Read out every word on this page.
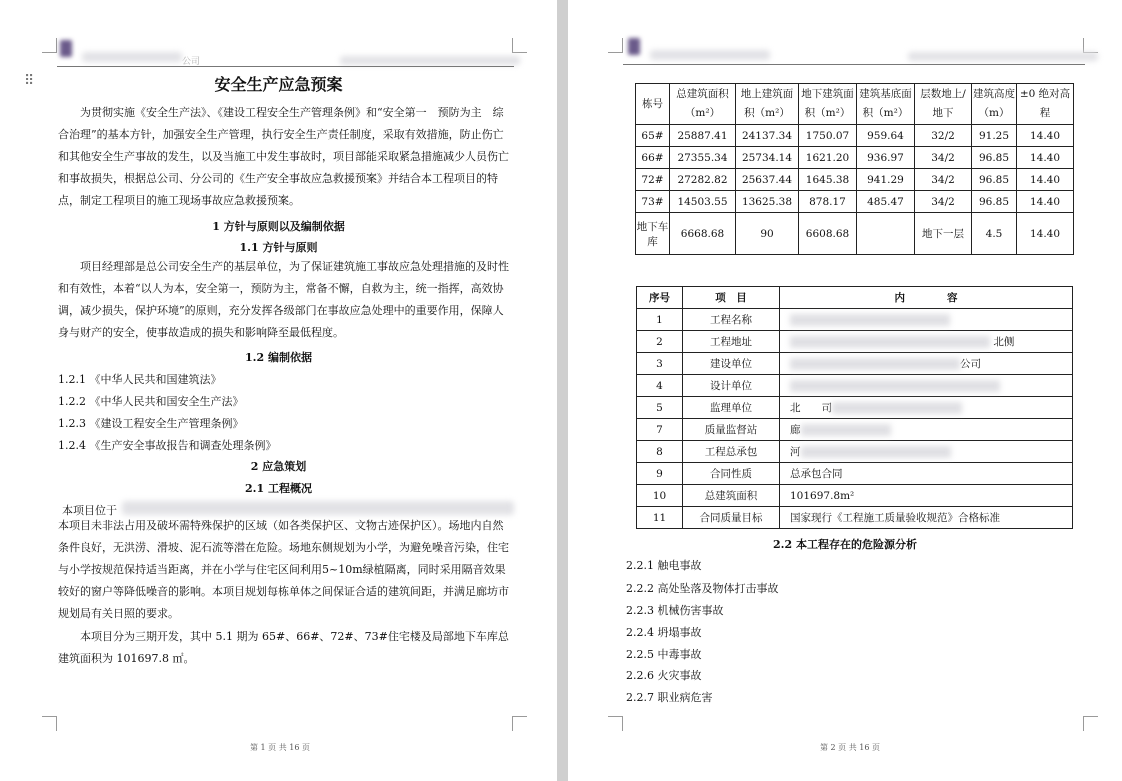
公司
⠿	安全生产应急预案
为贯彻实施《安全生产法》、《建设工程安全生产管理条例》和“安全第一　预防为主　综合治理”的基本方针，加强安全生产管理，执行安全生产责任制度，采取有效措施，防止伤亡和其他安全生产事故的发生，以及当施工中发生事故时，项目部能采取紧急措施减少人员伤亡和事故损失，根据总公司、分公司的《生产安全事故应急救援预案》并结合本工程项目的特点，制定工程项目的施工现场事故应急救援预案。
1 方针与原则以及编制依据
1.1 方针与原则
项目经理部是总公司安全生产的基层单位，为了保证建筑施工事故应急处理措施的及时性和有效性，本着“以人为本，安全第一，预防为主，常备不懈，自救为主，统一指挥，高效协调，减少损失，保护环境”的原则，充分发挥各级部门在事故应急处理中的重要作用，保障人身与财产的安全，使事故造成的损失和影响降至最低程度。
1.2 编制依据
1.2.1 《中华人民共和国建筑法》
1.2.2 《中华人民共和国安全生产法》
1.2.3 《建设工程安全生产管理条例》
1.2.4 《生产安全事故报告和调查处理条例》
2 应急策划
2.1 工程概况
本项目位于
本项目未非法占用及破坏需特殊保护的区域（如各类保护区、文物古迹保护区）。场地内自然条件良好，无洪涝、滑坡、泥石流等潜在危险。场地东侧规划为小学，为避免噪音污染，住宅与小学按规范保持适当距离，并在小学与住宅区间利用5~10m绿植隔离，同时采用隔音效果较好的窗户等降低噪音的影响。本项目规划每栋单体之间保证合适的建筑间距，并满足廊坊市规划局有关日照的要求。
本项目分为三期开发，其中 5.1 期为 65#、66#、72#、73#住宅楼及局部地下车库总建筑面积为 101697.8 ㎡。
第 1 页 共 16 页
栋号	总建筑面积（m²）	地上建筑面积（m²）	地下建筑面积（m²）	建筑基底面积（m²）	层数地上/地下	建筑高度（m）	±0 绝对高程
65#	25887.41	24137.34	1750.07	959.64	32/2	91.25	14.40
66#	27355.34	25734.14	1621.20	936.97	34/2	96.85	14.40
72#	27282.82	25637.44	1645.38	941.29	34/2	96.85	14.40
73#	14503.55	13625.38	878.17	485.47	34/2	96.85	14.40
地下车库	6668.68	90	6608.68		地下一层	4.5	14.40
序号	项　目	内　　　　容
1	工程名称	
2	工程地址	北侧
3	建设单位	公司
4	设计单位	
5	监理单位	北　　司
7	质量监督站	廊
8	工程总承包	河
9	合同性质	总承包合同
10	总建筑面积	101697.8m²
11	合同质量目标	国家现行《工程施工质量验收规范》合格标准
2.2 本工程存在的危险源分析
2.2.1 触电事故
2.2.2 高处坠落及物体打击事故
2.2.3 机械伤害事故
2.2.4 坍塌事故
2.2.5 中毒事故
2.2.6 火灾事故
2.2.7 职业病危害
第 2 页 共 16 页
